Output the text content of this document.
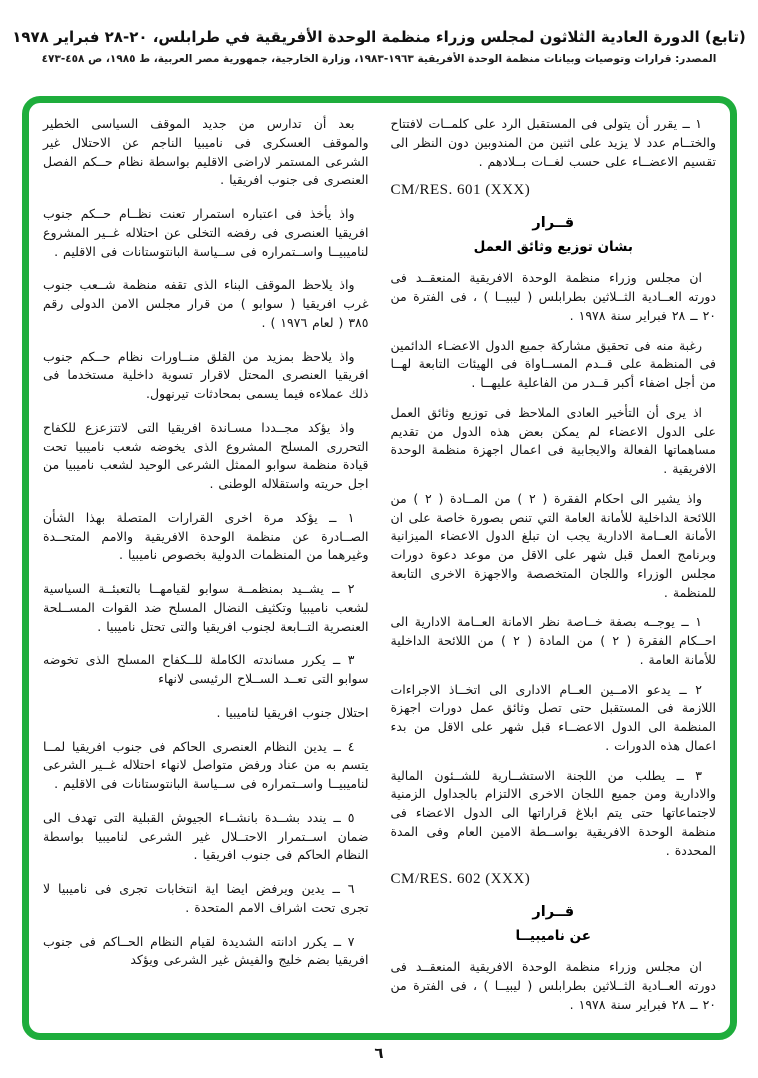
(تابع) الدورة العادية الثلاثون لمجلس وزراء منظمة الوحدة الأفريقية في طرابلس، ٢٠-٢٨ فبراير ١٩٧٨
المصدر: قرارات وتوصيات وبيانات منظمة الوحدة الأفريقية ١٩٦٣-١٩٨٣، وزارة الخارجية، جمهورية مصر العربية، ط ١٩٨٥، ص ٤٥٨-٤٧٣

١ ــ يقرر أن يتولى فى المستقبل الرد على كلمــات لافتتاح والختــام عدد لا يزيد على اثنين من المندوبين دون النظر الى تقسيم الاعضــاء على حسب لغــات بــلادهم .

CM/RES. 601 (XXX)
قــرار
بشان توزيع وثائق العمل

ان مجلس وزراء منظمة الوحدة الافريقية المنعقــد فى دورته العــادية الثــلاثين بطرابلس ( ليبيــا ) ، فى الفترة من ٢٠ ــ ٢٨ فبراير سنة ١٩٧٨ .

رغبة منه فى تحقيق مشاركة جميع الدول الاعضـاء الدائمين فى المنظمة على قــدم المســاواة فى الهيئات التابعة لهــا من أجل اضفاء أكبر قــدر من الفاعلية عليهــا .

اذ يرى أن التأخير العادى الملاحظ فى توزيع وثائق العمل على الدول الاعضاء لم يمكن بعض هذه الدول من تقديم مساهماتها الفعالة والايجابية فى اعمال اجهزة منظمة الوحدة الافريقية .

واذ يشير الى احكام الفقرة ( ٢ ) من المــادة ( ٢ ) من اللائحة الداخلية للأمانة العامة التي تنص بصورة خاصة على ان الأمانة العــامة الادارية يجب ان تبلغ الدول الاعضاء الميزانية وبرنامج العمل قبل شهر على الاقل من موعد دعوة دورات مجلس الوزراء واللجان المتخصصة والاجهزة الاخرى التابعة للمنظمة .

١ ــ يوجــه بصفة خــاصة نظر الامانة العــامة الادارية الى احــكام الفقرة ( ٢ ) من المادة ( ٢ ) من اللائحة الداخلية للأمانة العامة .

٢ ــ يدعو الامــين العــام الادارى الى اتخــاذ الاجراءات اللازمة فى المستقبل حتى تصل وثائق عمل دورات اجهزة المنظمة الى الدول الاعضــاء قبل شهر على الاقل من بدء اعمال هذه الدورات .

٣ ــ يطلب من اللجنة الاستشــارية للشــئون المالية والادارية ومن جميع اللجان الاخرى الالتزام بالجداول الزمنية لاجتماعاتها حتى يتم ابلاغ قراراتها الى الدول الاعضاء فى منظمة الوحدة الافريقية بواســطة الامين العام وفى المدة المحددة .

CM/RES. 602 (XXX)
قــرار
عن ناميبيــا

ان مجلس وزراء منظمة الوحدة الافريقية المنعقــد فى دورته العــادية الثــلاثين بطرابلس ( ليبيــا ) ، فى الفترة من ٢٠ ــ ٢٨ فبراير سنة ١٩٧٨ .

بعد أن تدارس من جديد الموقف السياسى الخطير والموقف العسكرى فى ناميبيا الناجم عن الاحتلال غير الشرعى المستمر لاراضى الاقليم بواسطة نظام حــكم الفصل العنصرى فى جنوب افريقيا .

واذ يأخذ فى اعتباره استمرار تعنت نظــام حــكم جنوب افريقيا العنصرى فى رفضه التخلى عن احتلاله غــير المشروع لناميبيــا واســتمراره فى ســياسة البانتوستانات فى الاقليم .

واذ يلاحظ الموقف البناء الذى تقفه منظمة شــعب جنوب غرب افريقيا ( سوابو ) من قرار مجلس الامن الدولى رقم ٣٨٥ ( لعام ١٩٧٦ ) .

واذ يلاحظ بمزيد من القلق منــاورات نظام حــكم جنوب افريقيا العنصرى المحتل لاقرار تسوية داخلية مستخدما فى ذلك عملاءه فيما يسمى بمحادثات تيرنهول.

واذ يؤكد مجــددا مسـاندة افريقيا التى لاتتزعزع للكفاح التحررى المسلح المشروع الذى يخوضه شعب ناميبيا تحت قيادة منظمة سوابو الممثل الشرعى الوحيد لشعب ناميبيا من اجل حريته واستقلاله الوطنى .

١ ــ يؤكد مرة اخرى القرارات المتصلة بهذا الشأن الصــادرة عن منظمة الوحدة الافريقية والامم المتحــدة وغيرهما من المنظمات الدولية بخصوص ناميبيا .

٢ ــ يشــيد بمنظمــة سوابو لقيامهــا بالتعبئــة السياسية لشعب ناميبيا وتكثيف النضال المسلح ضد القوات المســلحة العنصرية التــابعة لجنوب افريقيا والتى تحتل ناميبيا .

٣ ــ يكرر مساندته الكاملة للــكفاح المسلح الذى تخوضه سوابو التى تعــد الســلاح الرئيسى لانهاء

احتلال جنوب افريقيا لناميبيا .

٤ ــ يدين النظام العنصرى الحاكم فى جنوب افريقيا لمــا يتسم به من عناد ورفض متواصل لانهاء احتلاله غــير الشرعى لناميبيــا واســتمراره فى ســياسة البانتوستانات فى الاقليم .

٥ ــ يندد بشــدة بانشــاء الجيوش القبلية التى تهدف الى ضمان اســتمرار الاحتــلال غير الشرعى لناميبيا بواسطة النظام الحاكم فى جنوب افريقيا .

٦ ــ يدين ويرفض ايضا اية انتخابات تجرى فى ناميبيا لا تجرى تحت اشراف الامم المتحدة .

٧ ــ يكرر ادانته الشديدة لقيام النظام الحــاكم فى جنوب افريقيا بضم خليج والفيش غير الشرعى ويؤكد

٦
